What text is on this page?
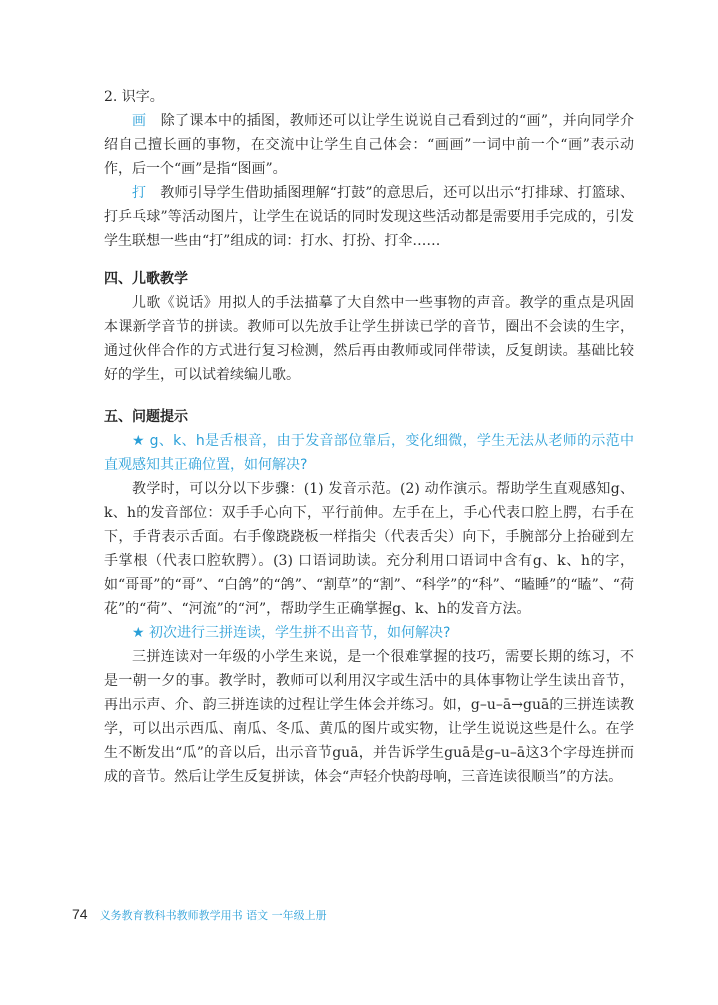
2. 识字。

画　 除了课本中的插图，教师还可以让学生说说自己看到过的“画”，并向同学介绍自己擅长画的事物，在交流中让学生自己体会：“画画”一词中前一个“画”表示动作，后一个“画”是指“图画”。

打　 教师引导学生借助插图理解“打鼓”的意思后，还可以出示“打排球、打篮球、打乒乓球”等活动图片，让学生在说话的同时发现这些活动都是需要用手完成的，引发学生联想一些由“打”组成的词：打水、打扮、打伞……

四、儿歌教学

儿歌《说话》用拟人的手法描摹了大自然中一些事物的声音。教学的重点是巩固本课新学音节的拼读。教师可以先放手让学生拼读已学的音节，圈出不会读的生字，通过伙伴合作的方式进行复习检测，然后再由教师或同伴带读，反复朗读。基础比较好的学生，可以试着续编儿歌。

五、问题提示

★ g、k、h是舌根音，由于发音部位靠后，变化细微，学生无法从老师的示范中直观感知其正确位置，如何解决?

教学时，可以分以下步骤：(1) 发音示范。(2) 动作演示。帮助学生直观感知g、k、h的发音部位：双手手心向下，平行前伸。左手在上，手心代表口腔上腭，右手在下，手背表示舌面。右手像跷跷板一样指尖（代表舌尖）向下，手腕部分上抬碰到左手掌根（代表口腔软腭）。(3) 口语词助读。充分利用口语词中含有g、k、h的字，如“哥哥”的“哥”、“白鸽”的“鸽”、“割草”的“割”、“科学”的“科”、“瞌睡”的“瞌”、“荷花”的“荷”、“河流”的“河”，帮助学生正确掌握g、k、h的发音方法。

★ 初次进行三拼连读，学生拼不出音节，如何解决?

三拼连读对一年级的小学生来说，是一个很难掌握的技巧，需要长期的练习，不是一朝一夕的事。教学时，教师可以利用汉字或生活中的具体事物让学生读出音节，再出示声、介、韵三拼连读的过程让学生体会并练习。如，g–u–ā→guā的三拼连读教学，可以出示西瓜、南瓜、冬瓜、黄瓜的图片或实物，让学生说说这些是什么。在学生不断发出“瓜”的音以后，出示音节guā，并告诉学生guā是g–u–ā这3个字母连拼而成的音节。然后让学生反复拼读，体会“声轻介快韵母响，三音连读很顺当”的方法。

74 义务教育教科书教师教学用书 语文 一年级上册
